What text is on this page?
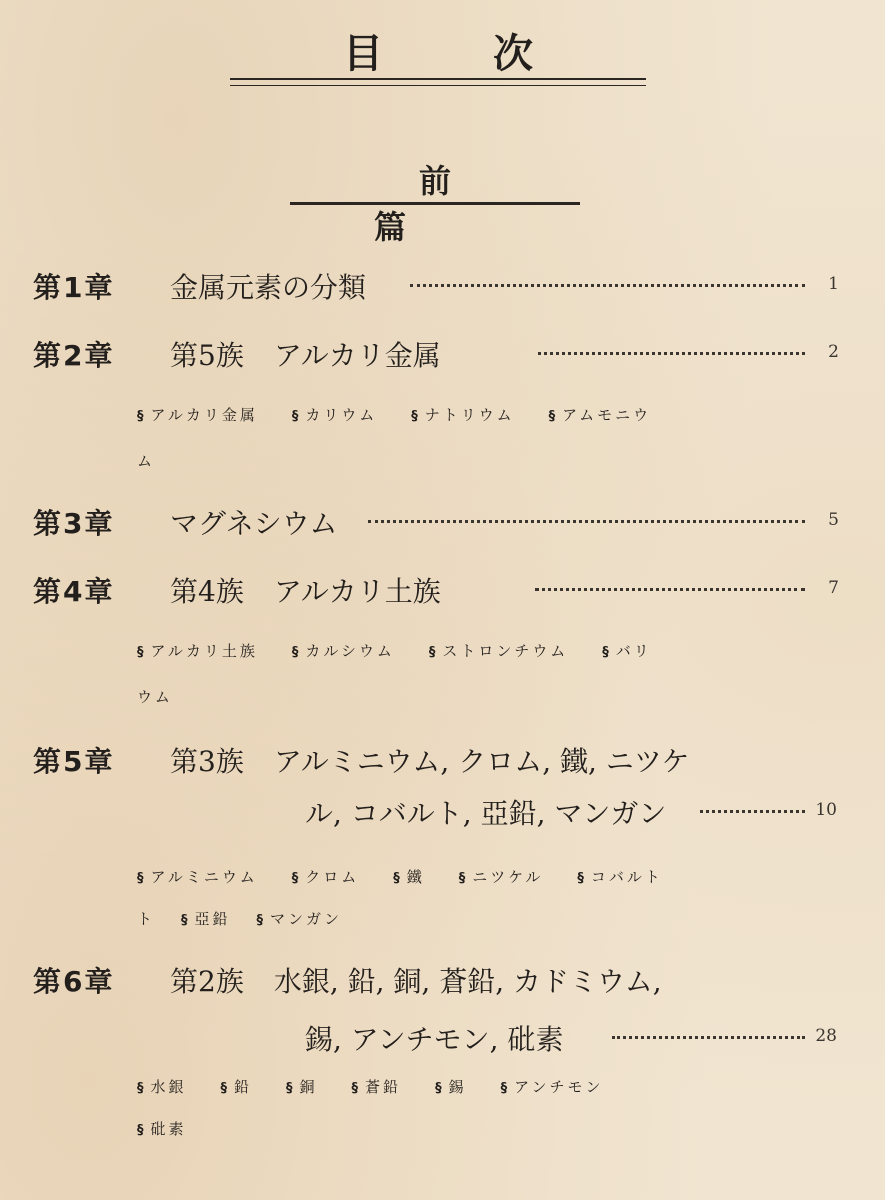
目次
前篇
第1章 金属元素の分類	1
第2章 第5族 アルカリ金属	2
§ アルカリ金属	§ カリウム	§ ナトリウム	§ アムモニウ
ム
第3章 マグネシウム	5
第4章 第4族 アルカリ土族	7
§ アルカリ土族	§ カルシウム	§ ストロンチウム	§ バリ
ウム
第5章 第3族 アルミニウム, クロム, 鐵, ニツケ
ル, コバルト, 亞鉛, マンガン	10
§ アルミニウム	§ クロム	§ 鐵	§ ニツケル	§ コバルト
ト § 亞鉛 § マンガン
第6章 第2族 水銀, 鉛, 銅, 蒼鉛, カドミウム,
錫, アンチモン, 砒素	28
§ 水銀	§ 鉛	§ 銅	§ 蒼鉛	§ 錫	§ アンチモン
§ 砒素
